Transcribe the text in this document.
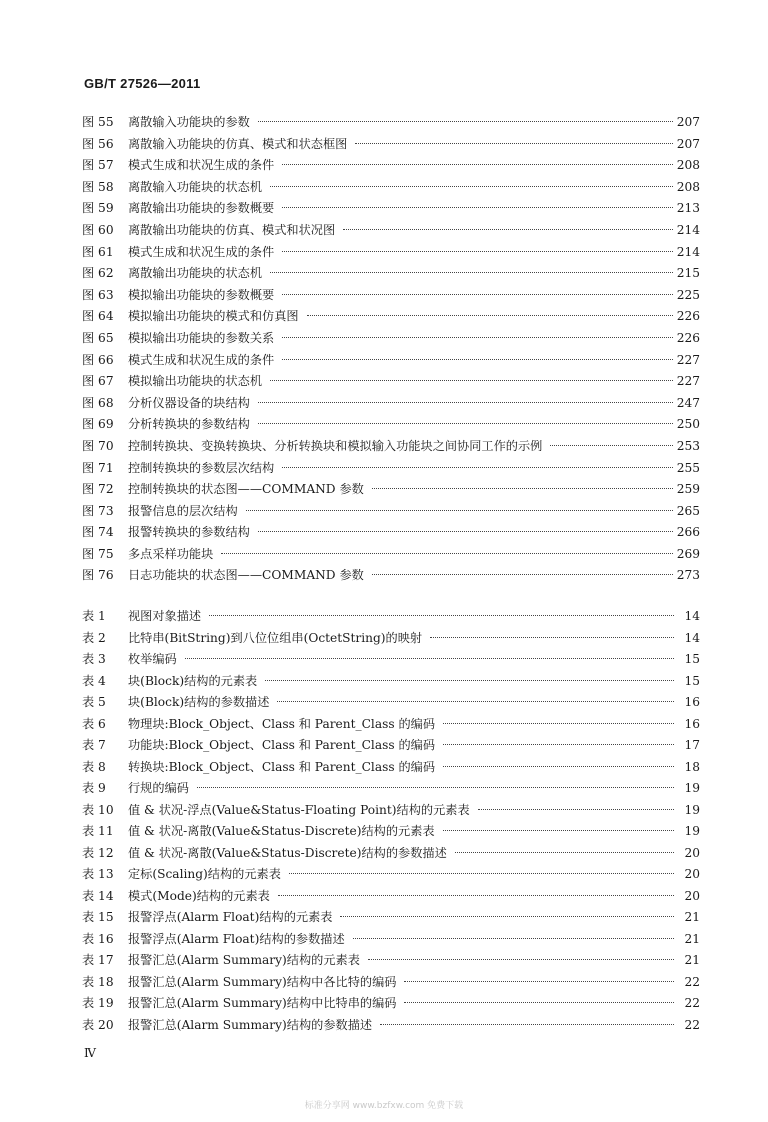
GB/T 27526—2011
图 55	离散输入功能块的参数	207
图 56	离散输入功能块的仿真、模式和状态框图	207
图 57	模式生成和状况生成的条件	208
图 58	离散输入功能块的状态机	208
图 59	离散输出功能块的参数概要	213
图 60	离散输出功能块的仿真、模式和状况图	214
图 61	模式生成和状况生成的条件	214
图 62	离散输出功能块的状态机	215
图 63	模拟输出功能块的参数概要	225
图 64	模拟输出功能块的模式和仿真图	226
图 65	模拟输出功能块的参数关系	226
图 66	模式生成和状况生成的条件	227
图 67	模拟输出功能块的状态机	227
图 68	分析仪器设备的块结构	247
图 69	分析转换块的参数结构	250
图 70	控制转换块、变换转换块、分析转换块和模拟输入功能块之间协同工作的示例	253
图 71	控制转换块的参数层次结构	255
图 72	控制转换块的状态图——COMMAND 参数	259
图 73	报警信息的层次结构	265
图 74	报警转换块的参数结构	266
图 75	多点采样功能块	269
图 76	日志功能块的状态图——COMMAND 参数	273
表 1	视图对象描述	14
表 2	比特串(BitString)到八位位组串(OctetString)的映射	14
表 3	枚举编码	15
表 4	块(Block)结构的元素表	15
表 5	块(Block)结构的参数描述	16
表 6	物理块:Block_Object、Class 和 Parent_Class 的编码	16
表 7	功能块:Block_Object、Class 和 Parent_Class 的编码	17
表 8	转换块:Block_Object、Class 和 Parent_Class 的编码	18
表 9	行规的编码	19
表 10	值 & 状况-浮点(Value&Status-Floating Point)结构的元素表	19
表 11	值 & 状况-离散(Value&Status-Discrete)结构的元素表	19
表 12	值 & 状况-离散(Value&Status-Discrete)结构的参数描述	20
表 13	定标(Scaling)结构的元素表	20
表 14	模式(Mode)结构的元素表	20
表 15	报警浮点(Alarm Float)结构的元素表	21
表 16	报警浮点(Alarm Float)结构的参数描述	21
表 17	报警汇总(Alarm Summary)结构的元素表	21
表 18	报警汇总(Alarm Summary)结构中各比特的编码	22
表 19	报警汇总(Alarm Summary)结构中比特串的编码	22
表 20	报警汇总(Alarm Summary)结构的参数描述	22
Ⅳ
标准分享网 www.bzfxw.com 免费下载
